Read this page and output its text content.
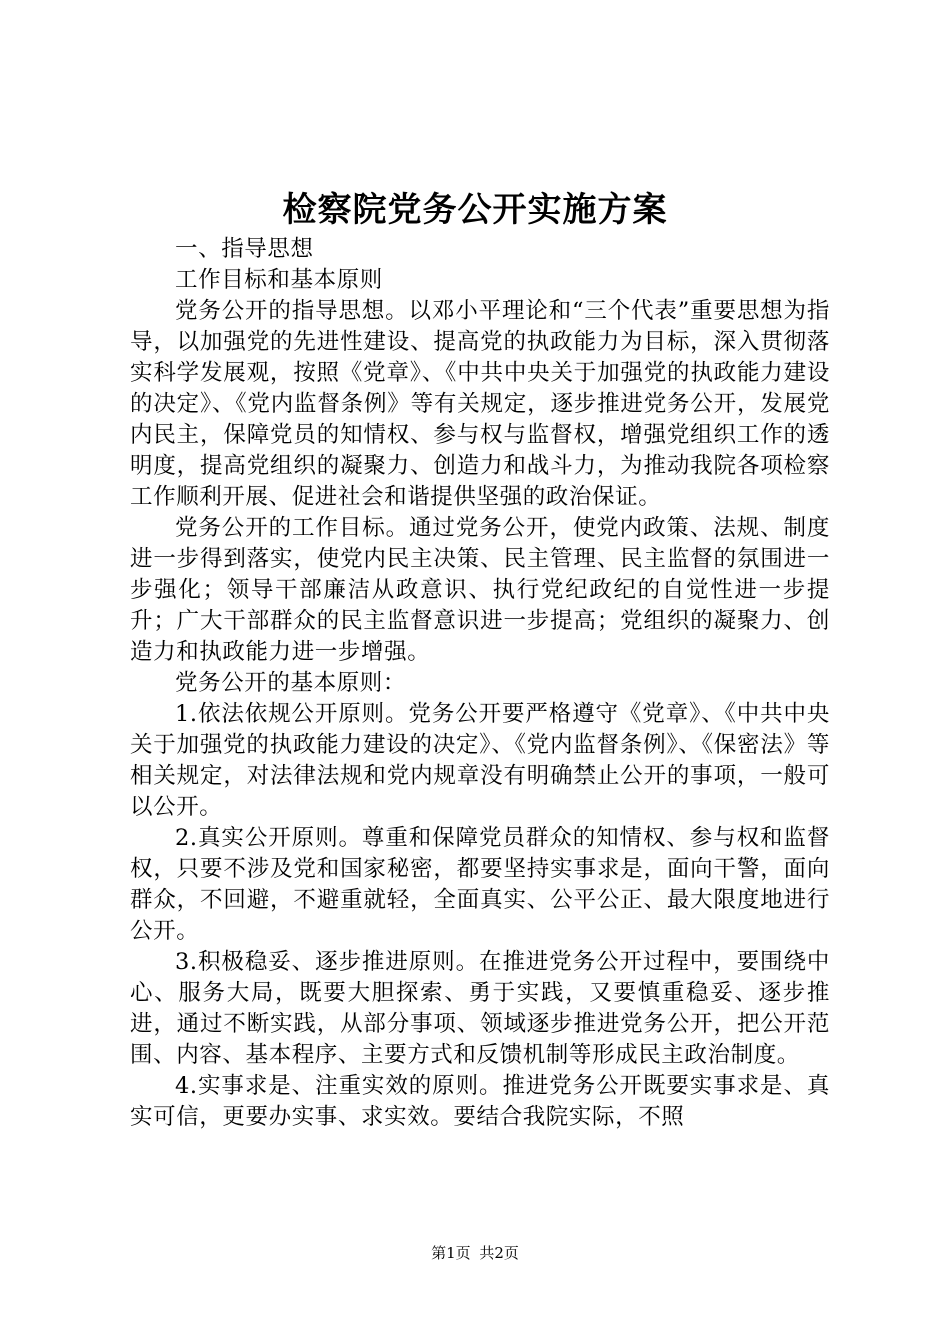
检察院党务公开实施方案

一、指导思想

工作目标和基本原则

党务公开的指导思想。以邓小平理论和“三个代表”重要思想为指导，以加强党的先进性建设、提高党的执政能力为目标，深入贯彻落实科学发展观，按照《党章》、《中共中央关于加强党的执政能力建设的决定》、《党内监督条例》等有关规定，逐步推进党务公开，发展党内民主，保障党员的知情权、参与权与监督权，增强党组织工作的透明度，提高党组织的凝聚力、创造力和战斗力，为推动我院各项检察工作顺利开展、促进社会和谐提供坚强的政治保证。

党务公开的工作目标。通过党务公开，使党内政策、法规、制度进一步得到落实，使党内民主决策、民主管理、民主监督的氛围进一步强化；领导干部廉洁从政意识、执行党纪政纪的自觉性进一步提升；广大干部群众的民主监督意识进一步提高；党组织的凝聚力、创造力和执政能力进一步增强。

党务公开的基本原则：

1.依法依规公开原则。党务公开要严格遵守《党章》、《中共中央关于加强党的执政能力建设的决定》、《党内监督条例》、《保密法》等相关规定，对法律法规和党内规章没有明确禁止公开的事项，一般可以公开。

2.真实公开原则。尊重和保障党员群众的知情权、参与权和监督权，只要不涉及党和国家秘密，都要坚持实事求是，面向干警，面向群众，不回避，不避重就轻，全面真实、公平公正、最大限度地进行公开。

3.积极稳妥、逐步推进原则。在推进党务公开过程中，要围绕中心、服务大局，既要大胆探索、勇于实践，又要慎重稳妥、逐步推进，通过不断实践，从部分事项、领域逐步推进党务公开，把公开范围、内容、基本程序、主要方式和反馈机制等形成民主政治制度。

4.实事求是、注重实效的原则。推进党务公开既要实事求是、真实可信，更要办实事、求实效。要结合我院实际，不照

第1页 共2页
